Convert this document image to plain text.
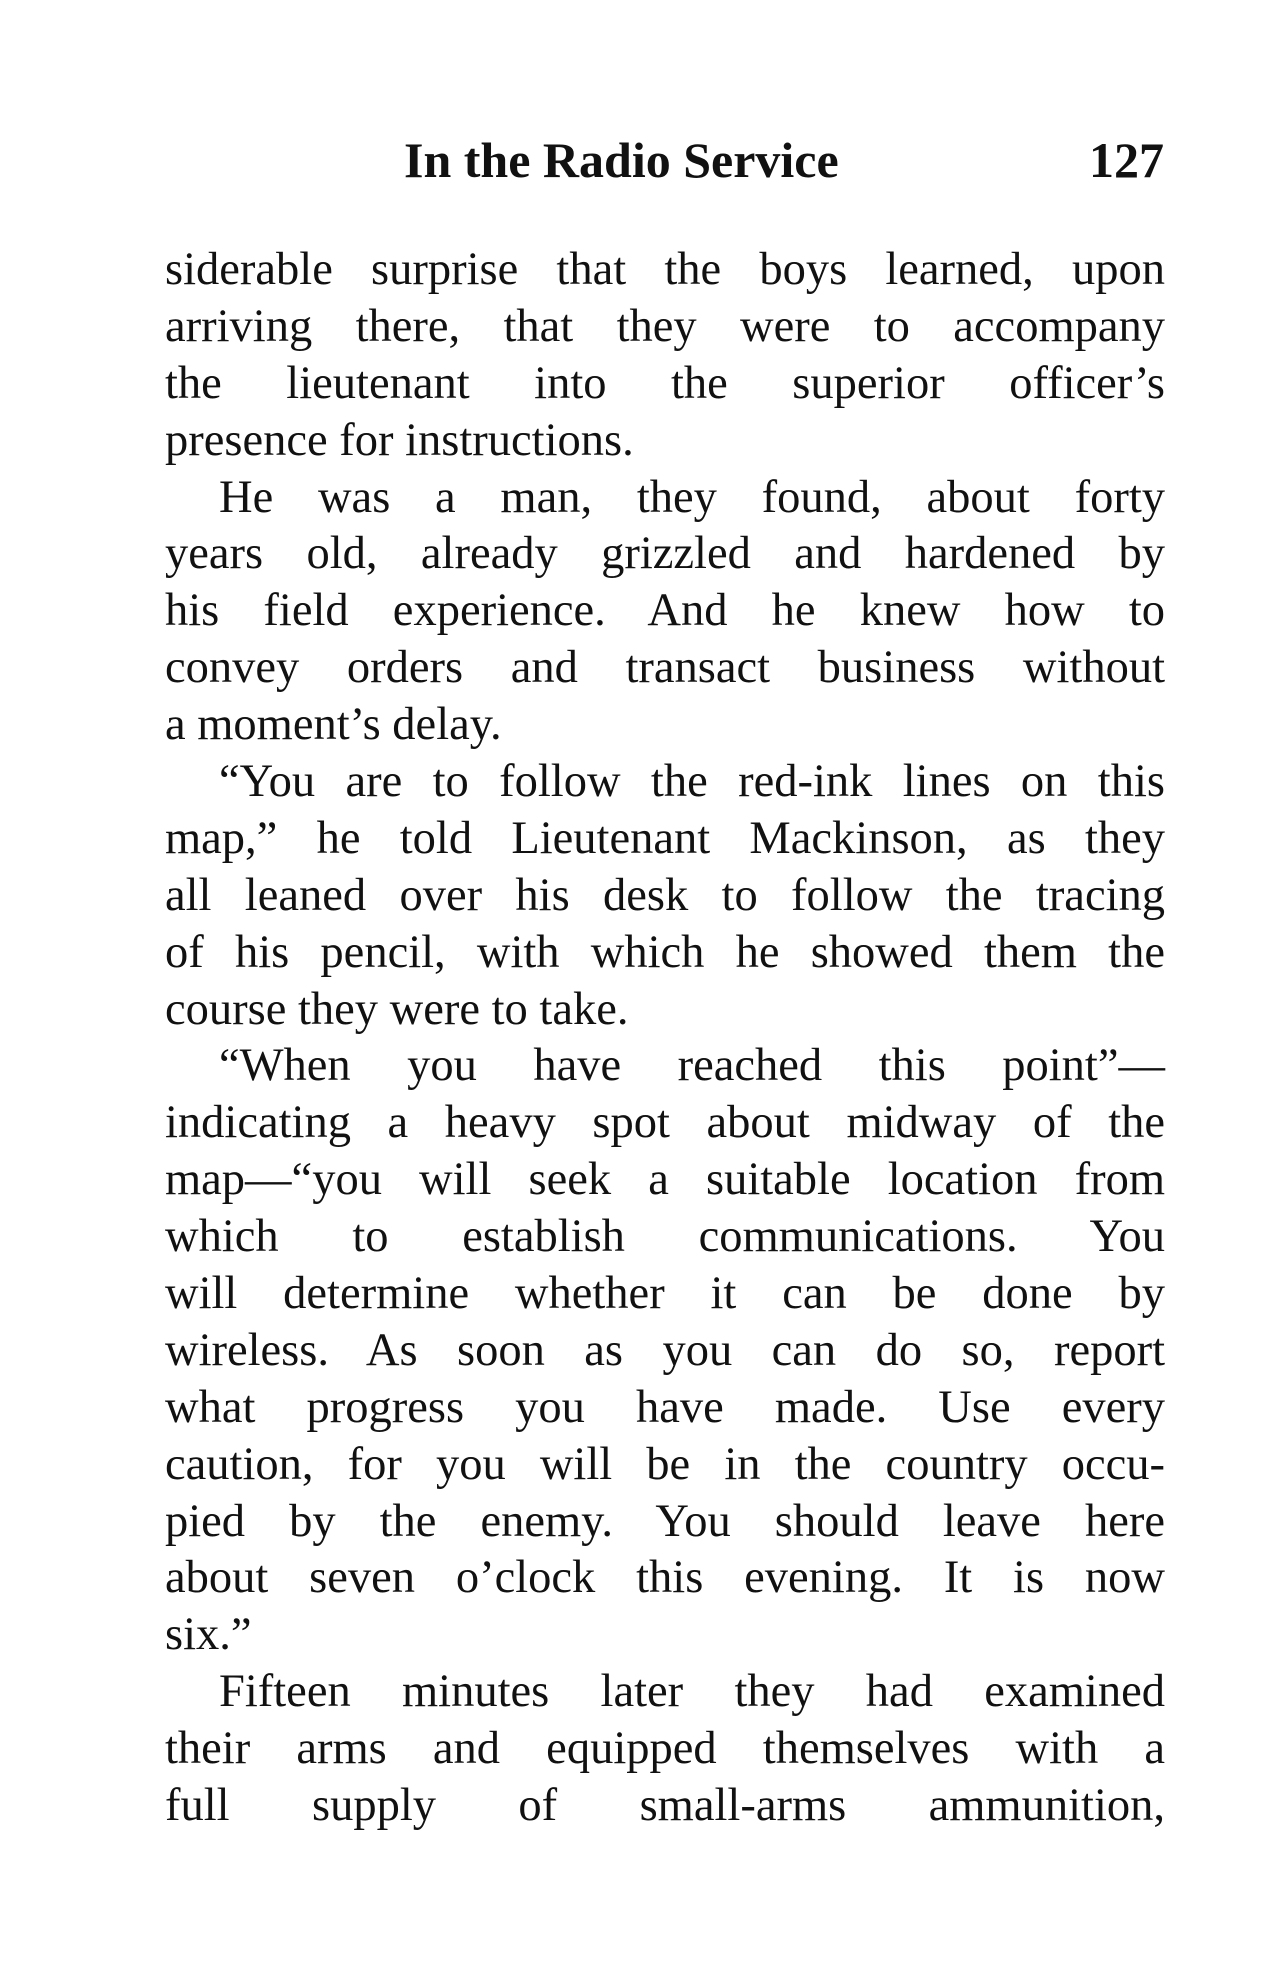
In the Radio Service	127
siderable surprise that the boys learned, upon
arriving there, that they were to accompany
the lieutenant into the superior officer’s
presence for instructions.
He was a man, they found, about forty
years old, already grizzled and hardened by
his field experience. And he knew how to
convey orders and transact business without
a moment’s delay.
“You are to follow the red-ink lines on this
map,” he told Lieutenant Mackinson, as they
all leaned over his desk to follow the tracing
of his pencil, with which he showed them the
course they were to take.
“When you have reached this point”—
indicating a heavy spot about midway of the
map—“you will seek a suitable location from
which to establish communications. You
will determine whether it can be done by
wireless. As soon as you can do so, report
what progress you have made. Use every
caution, for you will be in the country occu-
pied by the enemy. You should leave here
about seven o’clock this evening. It is now
six.”
Fifteen minutes later they had examined
their arms and equipped themselves with a
full supply of small-arms ammunition,
